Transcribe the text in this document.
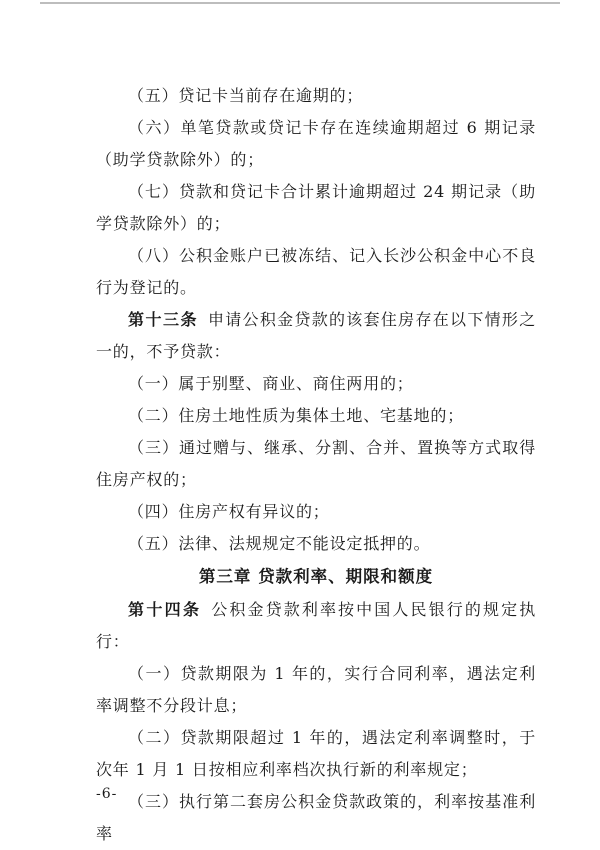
（五）贷记卡当前存在逾期的；

（六）单笔贷款或贷记卡存在连续逾期超过 6 期记录（助学贷款除外）的；

（七）贷款和贷记卡合计累计逾期超过 24 期记录（助学贷款除外）的；

（八）公积金账户已被冻结、记入长沙公积金中心不良行为登记的。

第十三条 申请公积金贷款的该套住房存在以下情形之一的，不予贷款：

（一）属于别墅、商业、商住两用的；

（二）住房土地性质为集体土地、宅基地的；

（三）通过赠与、继承、分割、合并、置换等方式取得住房产权的；

（四）住房产权有异议的；

（五）法律、法规规定不能设定抵押的。

第三章 贷款利率、期限和额度

第十四条 公积金贷款利率按中国人民银行的规定执行：

（一）贷款期限为 1 年的，实行合同利率，遇法定利率调整不分段计息；

（二）贷款期限超过 1 年的，遇法定利率调整时，于次年 1 月 1 日按相应利率档次执行新的利率规定；

（三）执行第二套房公积金贷款政策的，利率按基准利率

-6-
